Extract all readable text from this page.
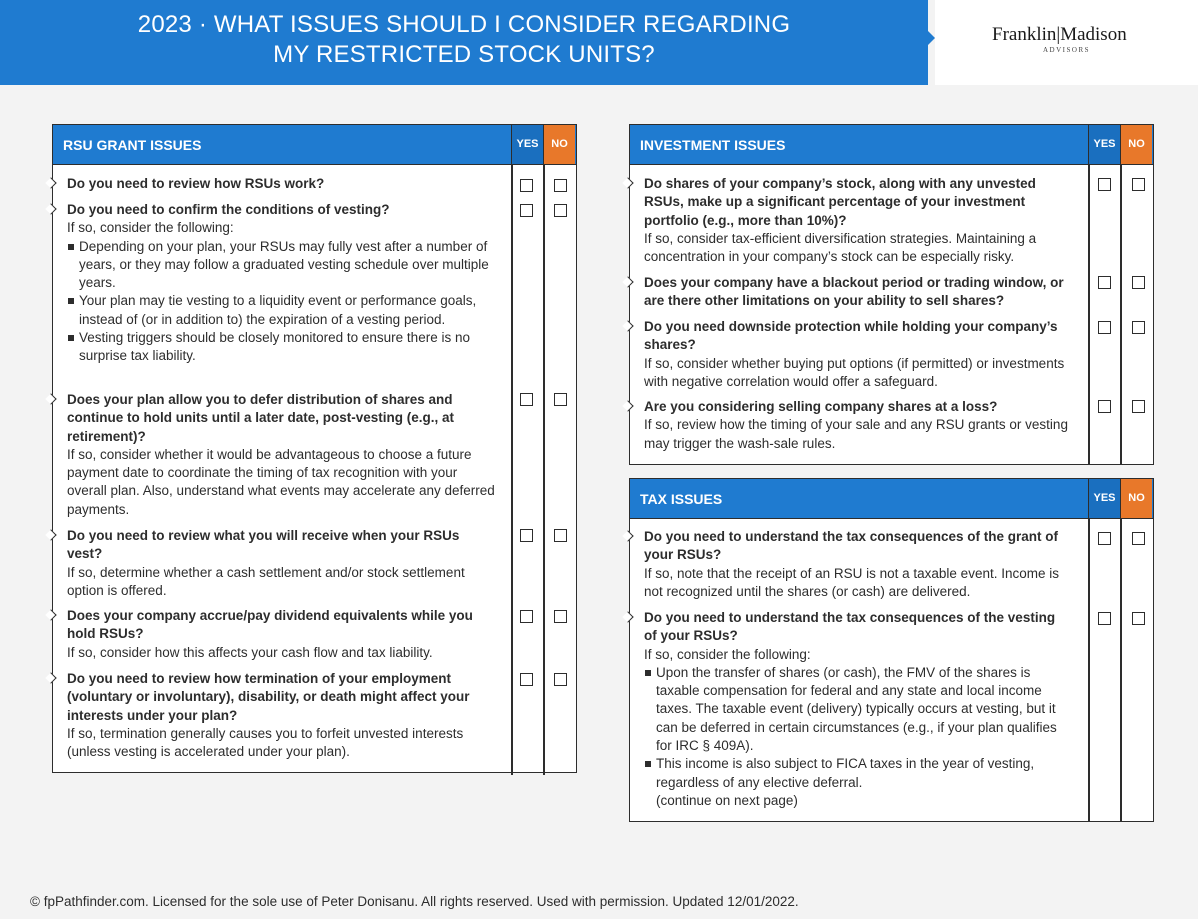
2023 · WHAT ISSUES SHOULD I CONSIDER REGARDING
MY RESTRICTED STOCK UNITS?
Franklin|Madison
ADVISORS
RSU GRANT ISSUES	YES	NO
Do you need to review how RSUs work?
Do you need to confirm the conditions of vesting?
If so, consider the following:
Depending on your plan, your RSUs may fully vest after a number of years, or they may follow a graduated vesting schedule over multiple years.
Your plan may tie vesting to a liquidity event or performance goals, instead of (or in addition to) the expiration of a vesting period.
Vesting triggers should be closely monitored to ensure there is no surprise tax liability.
Does your plan allow you to defer distribution of shares and continue to hold units until a later date, post-vesting (e.g., at retirement)?
If so, consider whether it would be advantageous to choose a future payment date to coordinate the timing of tax recognition with your overall plan. Also, understand what events may accelerate any deferred payments.
Do you need to review what you will receive when your RSUs vest?
If so, determine whether a cash settlement and/or stock settlement option is offered.
Does your company accrue/pay dividend equivalents while you hold RSUs?
If so, consider how this affects your cash flow and tax liability.
Do you need to review how termination of your employment (voluntary or involuntary), disability, or death might affect your interests under your plan?
If so, termination generally causes you to forfeit unvested interests (unless vesting is accelerated under your plan).
INVESTMENT ISSUES	YES	NO
Do shares of your company’s stock, along with any unvested RSUs, make up a significant percentage of your investment portfolio (e.g., more than 10%)?
If so, consider tax-efficient diversification strategies. Maintaining a concentration in your company’s stock can be especially risky.
Does your company have a blackout period or trading window, or are there other limitations on your ability to sell shares?
Do you need downside protection while holding your company’s shares?
If so, consider whether buying put options (if permitted) or investments with negative correlation would offer a safeguard.
Are you considering selling company shares at a loss?
If so, review how the timing of your sale and any RSU grants or vesting may trigger the wash-sale rules.
TAX ISSUES	YES	NO
Do you need to understand the tax consequences of the grant of your RSUs?
If so, note that the receipt of an RSU is not a taxable event. Income is not recognized until the shares (or cash) are delivered.
Do you need to understand the tax consequences of the vesting of your RSUs?
If so, consider the following:
Upon the transfer of shares (or cash), the FMV of the shares is taxable compensation for federal and any state and local income taxes. The taxable event (delivery) typically occurs at vesting, but it can be deferred in certain circumstances (e.g., if your plan qualifies for IRC § 409A).
This income is also subject to FICA taxes in the year of vesting, regardless of any elective deferral.
(continue on next page)
© fpPathfinder.com. Licensed for the sole use of Peter Donisanu. All rights reserved. Used with permission. Updated 12/01/2022.
